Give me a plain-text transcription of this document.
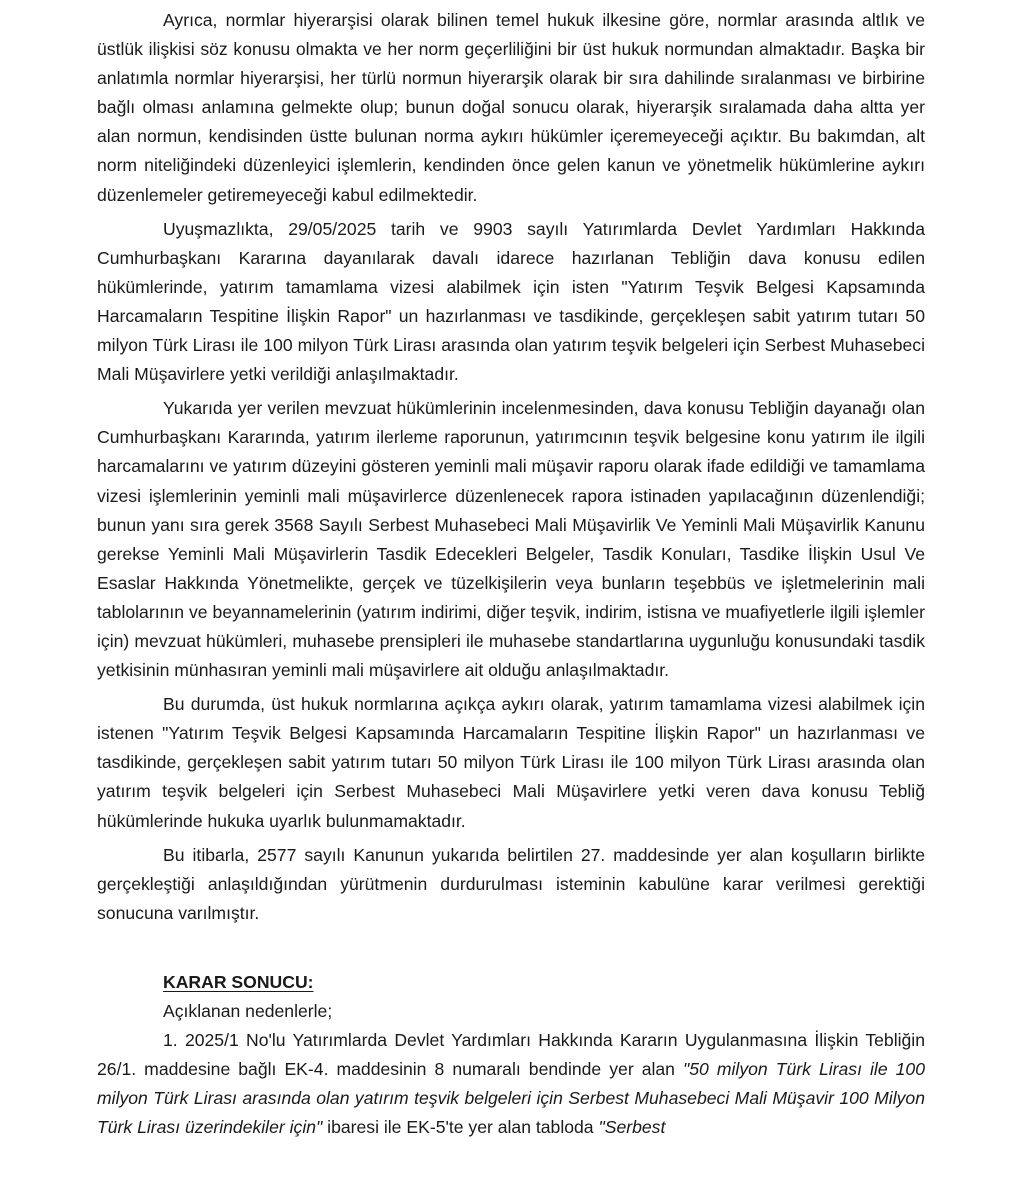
Ayrıca, normlar hiyerarşisi olarak bilinen temel hukuk ilkesine göre, normlar arasında altlık ve üstlük ilişkisi söz konusu olmakta ve her norm geçerliliğini bir üst hukuk normundan almaktadır. Başka bir anlatımla normlar hiyerarşisi, her türlü normun hiyerarşik olarak bir sıra dahilinde sıralanması ve birbirine bağlı olması anlamına gelmekte olup; bunun doğal sonucu olarak, hiyerarşik sıralamada daha altta yer alan normun, kendisinden üstte bulunan norma aykırı hükümler içeremeyeceği açıktır. Bu bakımdan, alt norm niteliğindeki düzenleyici işlemlerin, kendinden önce gelen kanun ve yönetmelik hükümlerine aykırı düzenlemeler getiremeyeceği kabul edilmektedir.

Uyuşmazlıkta, 29/05/2025 tarih ve 9903 sayılı Yatırımlarda Devlet Yardımları Hakkında Cumhurbaşkanı Kararına dayanılarak davalı idarece hazırlanan Tebliğin dava konusu edilen hükümlerinde, yatırım tamamlama vizesi alabilmek için isten "Yatırım Teşvik Belgesi Kapsamında Harcamaların Tespitine İlişkin Rapor" un hazırlanması ve tasdikinde, gerçekleşen sabit yatırım tutarı 50 milyon Türk Lirası ile 100 milyon Türk Lirası arasında olan yatırım teşvik belgeleri için Serbest Muhasebeci Mali Müşavirlere yetki verildiği anlaşılmaktadır.

Yukarıda yer verilen mevzuat hükümlerinin incelenmesinden, dava konusu Tebliğin dayanağı olan Cumhurbaşkanı Kararında, yatırım ilerleme raporunun, yatırımcının teşvik belgesine konu yatırım ile ilgili harcamalarını ve yatırım düzeyini gösteren yeminli mali müşavir raporu olarak ifade edildiği ve tamamlama vizesi işlemlerinin yeminli mali müşavirlerce düzenlenecek rapora istinaden yapılacağının düzenlendiği; bunun yanı sıra gerek 3568 Sayılı Serbest Muhasebeci Mali Müşavirlik Ve Yeminli Mali Müşavirlik Kanunu gerekse Yeminli Mali Müşavirlerin Tasdik Edecekleri Belgeler, Tasdik Konuları, Tasdike İlişkin Usul Ve Esaslar Hakkında Yönetmelikte, gerçek ve tüzelkişilerin veya bunların teşebbüs ve işletmelerinin mali tablolarının ve beyannamelerinin (yatırım indirimi, diğer teşvik, indirim, istisna ve muafiyetlerle ilgili işlemler için) mevzuat hükümleri, muhasebe prensipleri ile muhasebe standartlarına uygunluğu konusundaki tasdik yetkisinin münhasıran yeminli mali müşavirlere ait olduğu anlaşılmaktadır.

Bu durumda, üst hukuk normlarına açıkça aykırı olarak, yatırım tamamlama vizesi alabilmek için istenen "Yatırım Teşvik Belgesi Kapsamında Harcamaların Tespitine İlişkin Rapor" un hazırlanması ve tasdikinde, gerçekleşen sabit yatırım tutarı 50 milyon Türk Lirası ile 100 milyon Türk Lirası arasında olan yatırım teşvik belgeleri için Serbest Muhasebeci Mali Müşavirlere yetki veren dava konusu Tebliğ hükümlerinde hukuka uyarlık bulunmamaktadır.

Bu itibarla, 2577 sayılı Kanunun yukarıda belirtilen 27. maddesinde yer alan koşulların birlikte gerçekleştiği anlaşıldığından yürütmenin durdurulması isteminin kabulüne karar verilmesi gerektiği sonucuna varılmıştır.

KARAR SONUCU:

Açıklanan nedenlerle;

1. 2025/1 No'lu Yatırımlarda Devlet Yardımları Hakkında Kararın Uygulanmasına İlişkin Tebliğin 26/1. maddesine bağlı EK-4. maddesinin 8 numaralı bendinde yer alan "50 milyon Türk Lirası ile 100 milyon Türk Lirası arasında olan yatırım teşvik belgeleri için Serbest Muhasebeci Mali Müşavir 100 Milyon Türk Lirası üzerindekiler için" ibaresi ile EK-5'te yer alan tabloda "Serbest
